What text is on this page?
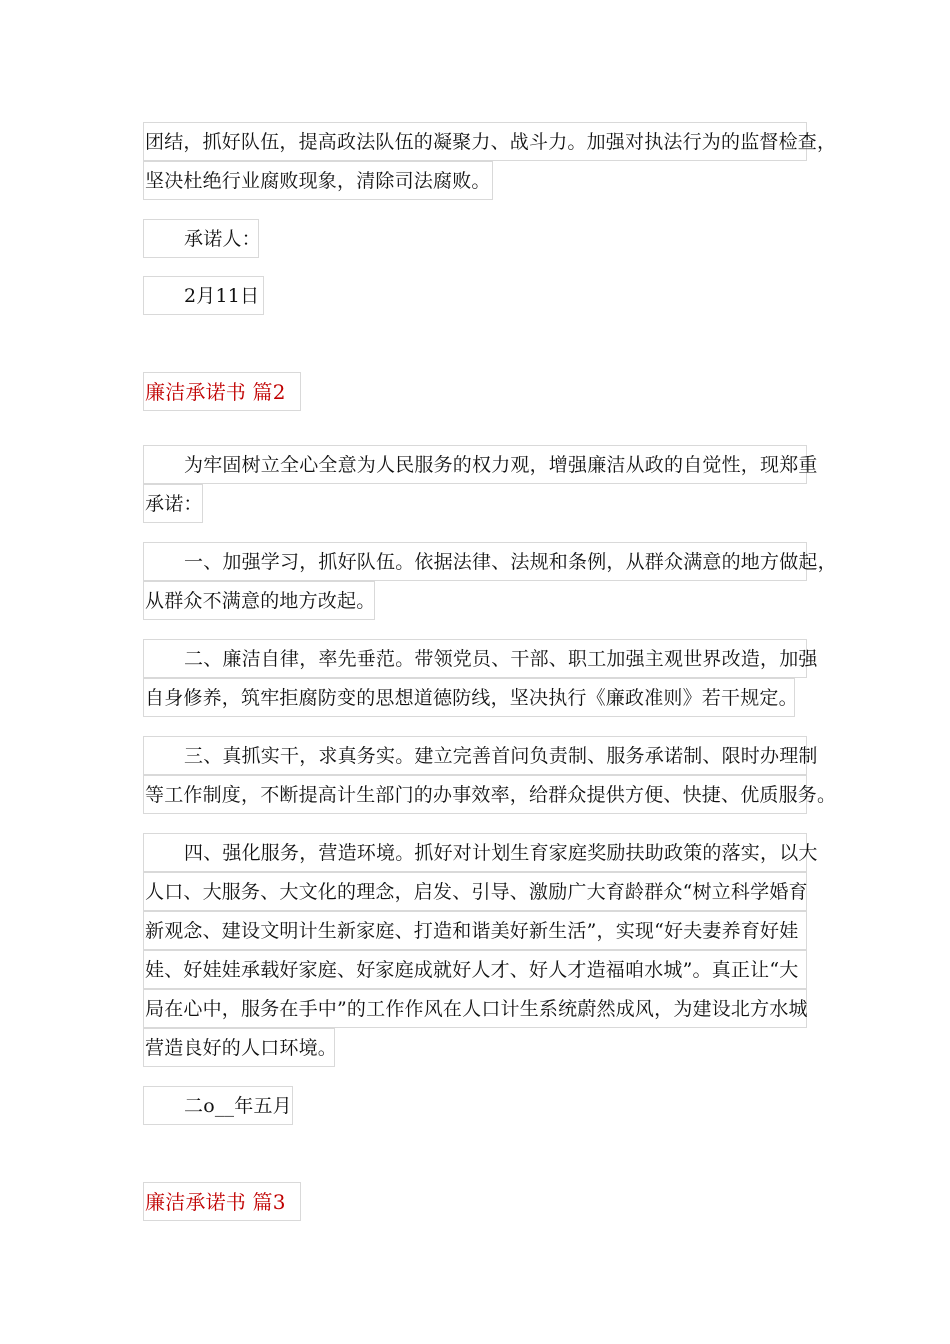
团结，抓好队伍，提高政法队伍的凝聚力、战斗力。加强对执法行为的监督检查，
坚决杜绝行业腐败现象，清除司法腐败。
承诺人：
2月11日
廉洁承诺书 篇2
为牢固树立全心全意为人民服务的权力观，增强廉洁从政的自觉性，现郑重
承诺：
一、加强学习，抓好队伍。依据法律、法规和条例，从群众满意的地方做起，
从群众不满意的地方改起。
二、廉洁自律，率先垂范。带领党员、干部、职工加强主观世界改造，加强
自身修养，筑牢拒腐防变的思想道德防线，坚决执行《廉政准则》若干规定。
三、真抓实干，求真务实。建立完善首问负责制、服务承诺制、限时办理制
等工作制度，不断提高计生部门的办事效率，给群众提供方便、快捷、优质服务。
四、强化服务，营造环境。抓好对计划生育家庭奖励扶助政策的落实，以大
人口、大服务、大文化的理念，启发、引导、激励广大育龄群众“树立科学婚育
新观念、建设文明计生新家庭、打造和谐美好新生活”，实现“好夫妻养育好娃
娃、好娃娃承载好家庭、好家庭成就好人才、好人才造福咱水城”。真正让“大
局在心中，服务在手中”的工作作风在人口计生系统蔚然成风，为建设北方水城
营造良好的人口环境。
二o__年五月
廉洁承诺书 篇3
